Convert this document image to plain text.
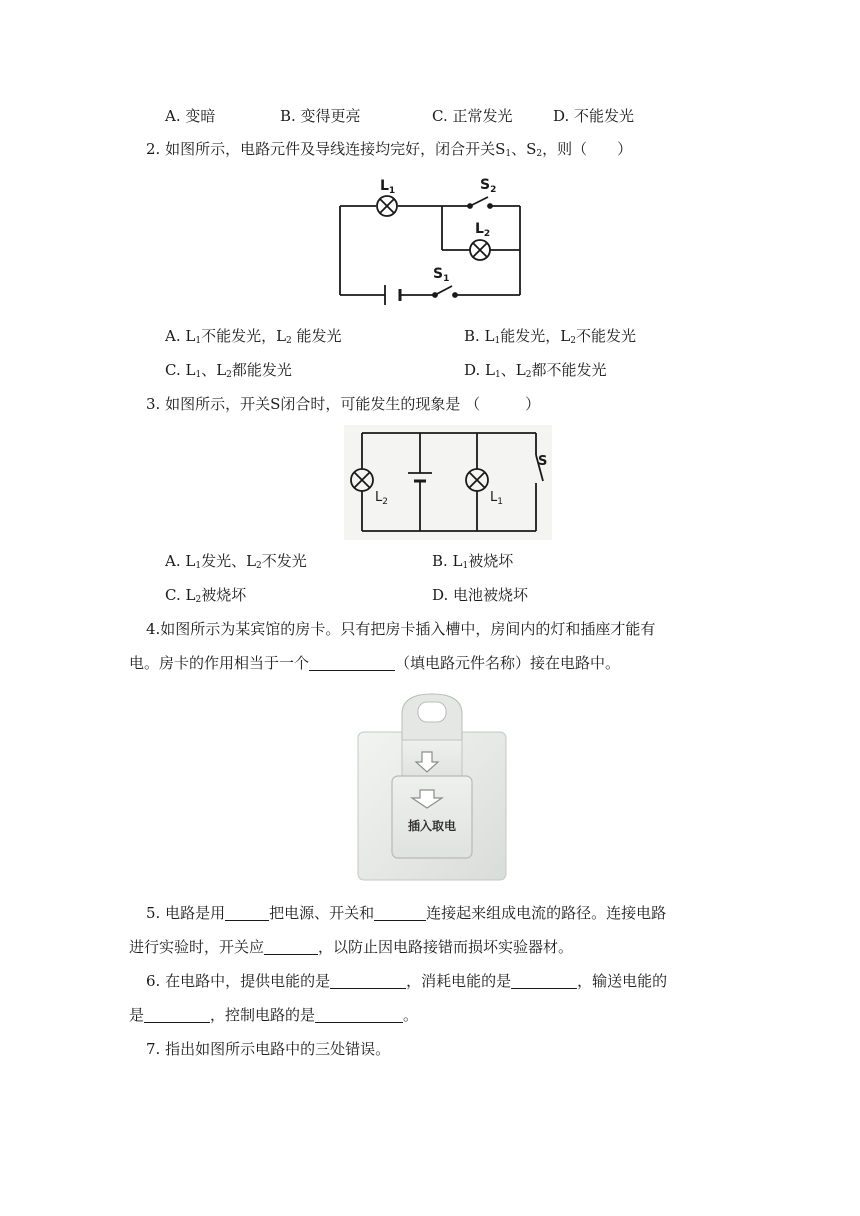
A. 变暗	B. 变得更亮	C. 正常发光	D. 不能发光
2. 如图所示，电路元件及导线连接均完好，闭合开关$S_1$、$S_2$，则（　　）
$L_1$
$L_2$
$S_2$
$S_1$
A. $L_1$不能发光，$L_2$ 能发光	B. $L_1$能发光，$L_2$不能发光
C. $L_1$、$L_2$都能发光	D. $L_1$、$L_2$都不能发光
3. 如图所示，开关S闭合时，可能发生的现象是 （　　　）
$L_2$	$L_1$
S
A. $L_1$发光、$L_2$不发光	B. $L_1$被烧坏
C. $L_2$被烧坏	D. 电池被烧坏
4.如图所示为某宾馆的房卡。只有把房卡插入槽中，房间内的灯和插座才能有
电。房卡的作用相当于一个	（填电路元件名称）接在电路中。
插入取电
5. 电路是用	把电源、开关和	连接起来组成电流的路径。连接电路
进行实验时，开关应	，以防止因电路接错而损坏实验器材。
6. 在电路中，提供电能的是	，消耗电能的是	，输送电能的
是	，控制电路的是	。
7. 指出如图所示电路中的三处错误。
